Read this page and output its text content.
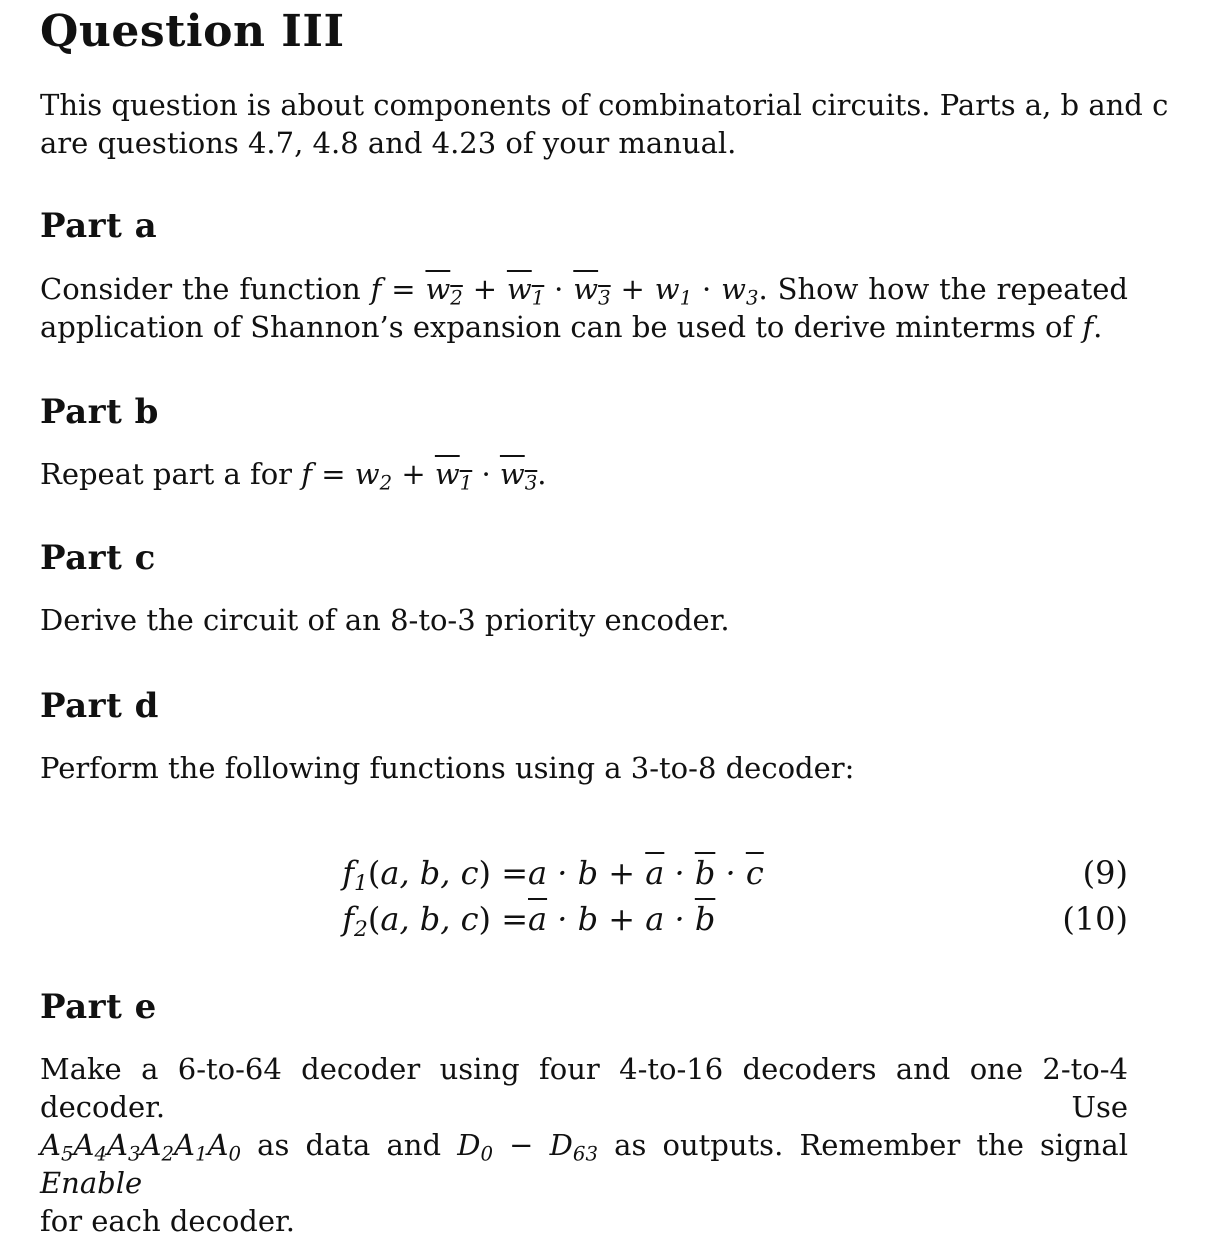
Question III

This question is about components of combinatorial circuits. Parts a, b and c
are questions 4.7, 4.8 and 4.23 of your manual.

Part a

Consider the function $f = w_2 + w_1 \cdot w_3 + w_1 \cdot w_3$. Show how the repeated
application of Shannon’s expansion can be used to derive minterms of f.

Part b

Repeat part a for $f = w_2 + w_1 \cdot w_3$.

Part c

Derive the circuit of an 8-to-3 priority encoder.

Part d

Perform the following functions using a 3-to-8 decoder:

$f_1(a$, b, $c) = a \cdot b + \overline{a} \cdot \overline{b} \cdot \overline{c}$	(9)
$f_2(a$, b, $c) = \overline{a} \cdot b + a \cdot \overline{b}$	(10)
Part e

Make a 6-to-64 decoder using four 4-to-16 decoders and one 2-to-4 decoder. Use
$A_5A_4A_3A_2A_1A_0$ as data and $D_0 - D_{63}$ as outputs. Remember the signal Enable
for each decoder.
